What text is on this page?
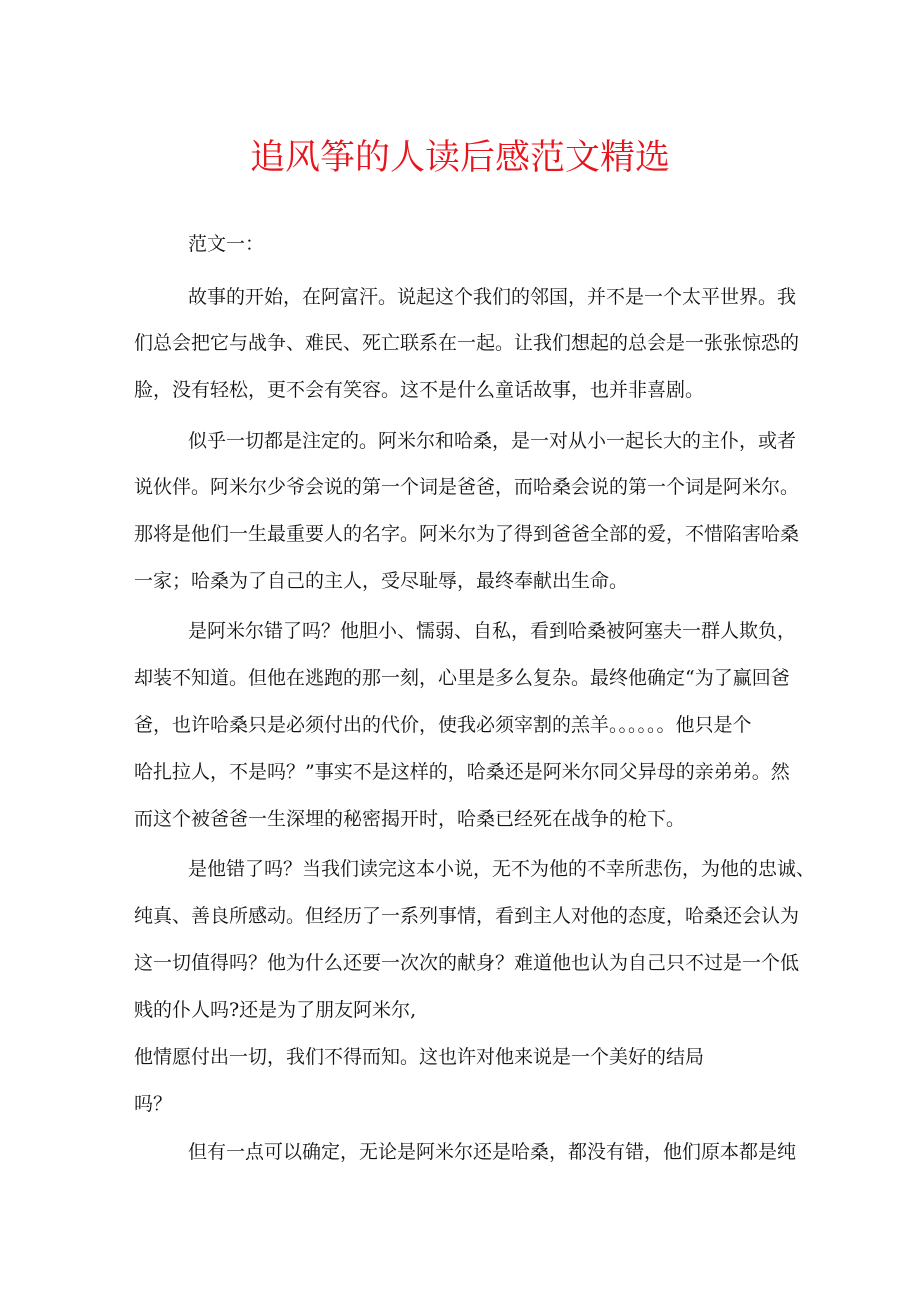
追风筝的人读后感范文精选

范文一：

故事的开始，在阿富汗。说起这个我们的邻国，并不是一个太平世界。我

们总会把它与战争、难民、死亡联系在一起。让我们想起的总会是一张张惊恐的

脸，没有轻松，更不会有笑容。这不是什么童话故事，也并非喜剧。

似乎一切都是注定的。阿米尔和哈桑，是一对从小一起长大的主仆，或者

说伙伴。阿米尔少爷会说的第一个词是爸爸，而哈桑会说的第一个词是阿米尔。

那将是他们一生最重要人的名字。阿米尔为了得到爸爸全部的爱，不惜陷害哈桑

一家；哈桑为了自己的主人，受尽耻辱，最终奉献出生命。

是阿米尔错了吗？他胆小、懦弱、自私，看到哈桑被阿塞夫一群人欺负，

却装不知道。但他在逃跑的那一刻，心里是多么复杂。最终他确定“为了赢回爸

爸，也许哈桑只是必须付出的代价，使我必须宰割的羔羊。。。。。。他只是个

哈扎拉人，不是吗？”事实不是这样的，哈桑还是阿米尔同父异母的亲弟弟。然

而这个被爸爸一生深埋的秘密揭开时，哈桑已经死在战争的枪下。

是他错了吗？当我们读完这本小说，无不为他的不幸所悲伤，为他的忠诚、

纯真、善良所感动。但经历了一系列事情，看到主人对他的态度，哈桑还会认为

这一切值得吗？他为什么还要一次次的献身？难道他也认为自己只不过是一个低

贱的仆人吗?还是为了朋友阿米尔,

他情愿付出一切，我们不得而知。这也许对他来说是一个美好的结局

吗？

但有一点可以确定，无论是阿米尔还是哈桑，都没有错，他们原本都是纯
